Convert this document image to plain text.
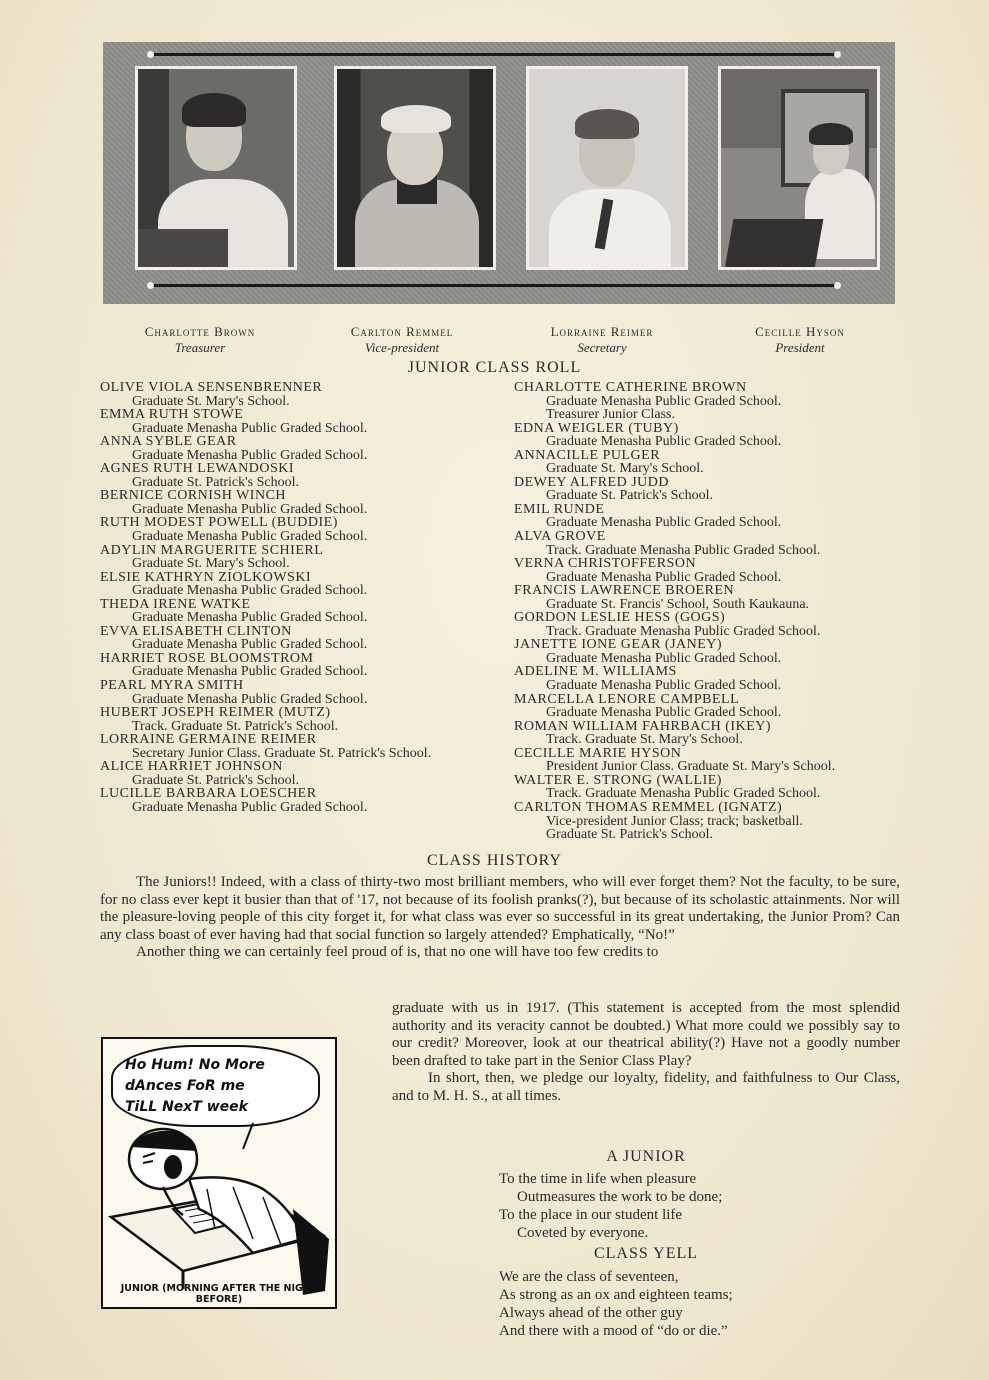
Charlotte Brown
Treasurer
Carlton Remmel
Vice-president
Lorraine Reimer
Secretary
Cecille Hyson
President
JUNIOR CLASS ROLL
OLIVE VIOLA SENSENBRENNER
Graduate St. Mary's School.
EMMA RUTH STOWE
Graduate Menasha Public Graded School.
ANNA SYBLE GEAR
Graduate Menasha Public Graded School.
AGNES RUTH LEWANDOSKI
Graduate St. Patrick's School.
BERNICE CORNISH WINCH
Graduate Menasha Public Graded School.
RUTH MODEST POWELL (BUDDIE)
Graduate Menasha Public Graded School.
ADYLIN MARGUERITE SCHIERL
Graduate St. Mary's School.
ELSIE KATHRYN ZIOLKOWSKI
Graduate Menasha Public Graded School.
THEDA IRENE WATKE
Graduate Menasha Public Graded School.
EVVA ELISABETH CLINTON
Graduate Menasha Public Graded School.
HARRIET ROSE BLOOMSTROM
Graduate Menasha Public Graded School.
PEARL MYRA SMITH
Graduate Menasha Public Graded School.
HUBERT JOSEPH REIMER (MUTZ)
Track. Graduate St. Patrick's School.
LORRAINE GERMAINE REIMER
Secretary Junior Class. Graduate St. Patrick's School.
ALICE HARRIET JOHNSON
Graduate St. Patrick's School.
LUCILLE BARBARA LOESCHER
Graduate Menasha Public Graded School.
CHARLOTTE CATHERINE BROWN
Graduate Menasha Public Graded School.
Treasurer Junior Class.
EDNA WEIGLER (TUBY)
Graduate Menasha Public Graded School.
ANNACILLE PULGER
Graduate St. Mary's School.
DEWEY ALFRED JUDD
Graduate St. Patrick's School.
EMIL RUNDE
Graduate Menasha Public Graded School.
ALVA GROVE
Track. Graduate Menasha Public Graded School.
VERNA CHRISTOFFERSON
Graduate Menasha Public Graded School.
FRANCIS LAWRENCE BROEREN
Graduate St. Francis' School, South Kaukauna.
GORDON LESLIE HESS (GOGS)
Track. Graduate Menasha Public Graded School.
JANETTE IONE GEAR (JANEY)
Graduate Menasha Public Graded School.
ADELINE M. WILLIAMS
Graduate Menasha Public Graded School.
MARCELLA LENORE CAMPBELL
Graduate Menasha Public Graded School.
ROMAN WILLIAM FAHRBACH (IKEY)
Track. Graduate St. Mary's School.
CECILLE MARIE HYSON
President Junior Class. Graduate St. Mary's School.
WALTER E. STRONG (WALLIE)
Track. Graduate Menasha Public Graded School.
CARLTON THOMAS REMMEL (IGNATZ)
Vice-president Junior Class; track; basketball.
Graduate St. Patrick's School.
CLASS HISTORY

The Juniors!! Indeed, with a class of thirty-two most brilliant members, who will ever forget them? Not the faculty, to be sure, for no class ever kept it busier than that of '17, not because of its foolish pranks(?), but because of its scholastic attainments. Nor will the pleasure-loving people of this city forget it, for what class was ever so successful in its great undertaking, the Junior Prom? Can any class boast of ever having had that social function so largely attended? Emphatically, “No!”

Another thing we can certainly feel proud of is, that no one will have too few credits to

graduate with us in 1917. (This statement is accepted from the most splendid authority and its veracity cannot be doubted.) What more could we possibly say to our credit? Moreover, look at our theatrical ability(?) Have not a goodly number been drafted to take part in the Senior Class Play?

In short, then, we pledge our loyalty, fidelity, and faithfulness to Our Class, and to M. H. S., at all times.

Ho Hum! No More
dAnces FoR me
TiLL NexT week
JUNIOR (MORNING AFTER THE NIGHT BEFORE)
A JUNIOR
To the time in life when pleasure
Outmeasures the work to be done;
To the place in our student life
Coveted by everyone.
CLASS YELL
We are the class of seventeen,
As strong as an ox and eighteen teams;
Always ahead of the other guy
And there with a mood of “do or die.”
